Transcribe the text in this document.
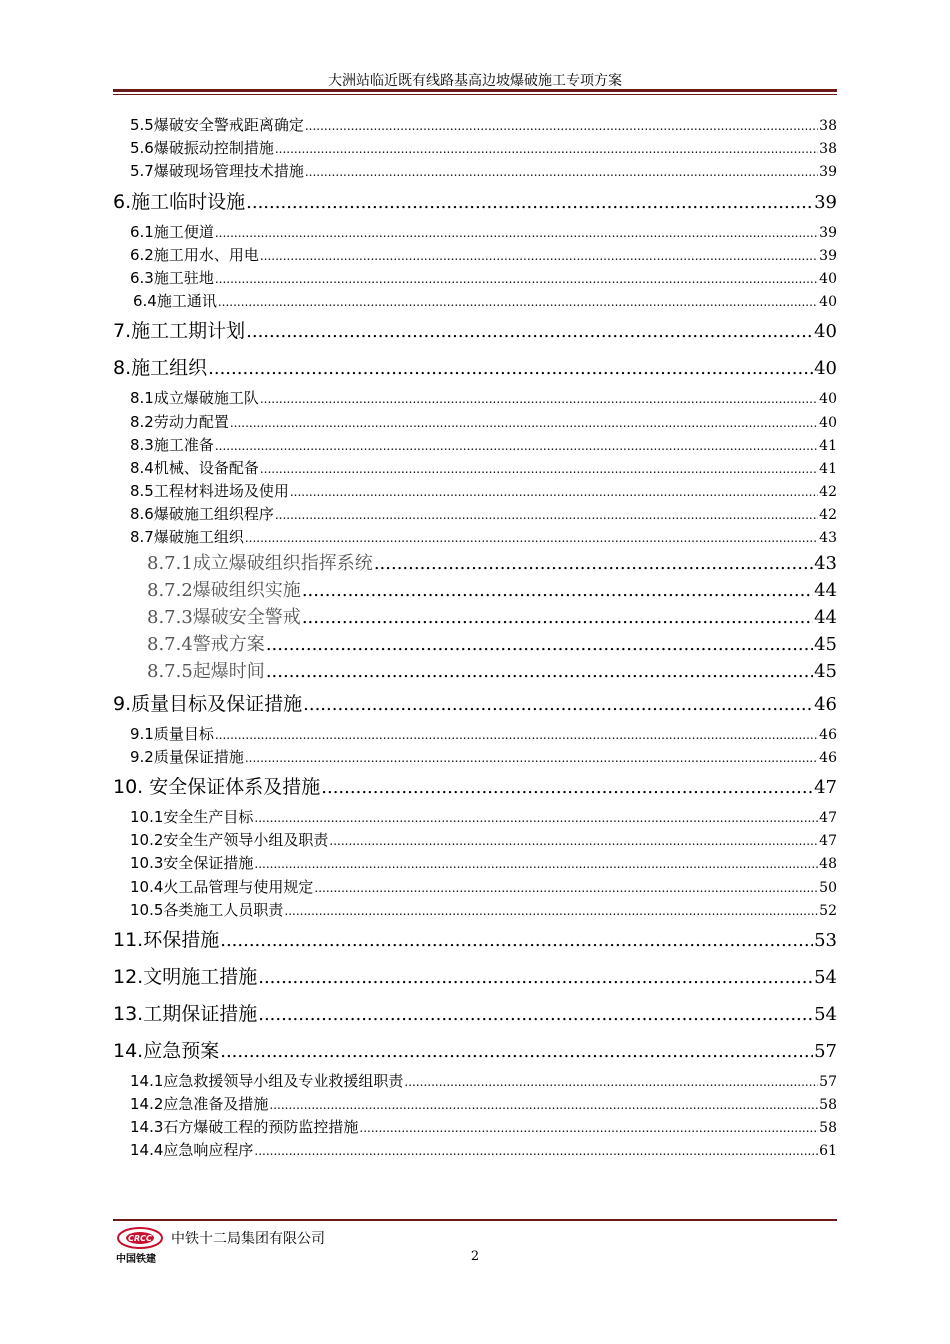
大洲站临近既有线路基高边坡爆破施工专项方案
5.5爆破安全警戒距离确定 .....	38
5.6爆破振动控制措施 .....	38
5.7爆破现场管理技术措施 .....	39
6.施工临时设施 .....	39
6.1施工便道 .....	39
6.2施工用水、用电 .....	39
6.3施工驻地 .....	40
6.4施工通讯 .....	40
7.施工工期计划 .....	40
8.施工组织 .....	40
8.1成立爆破施工队 .....	40
8.2劳动力配置 .....	40
8.3施工准备 .....	41
8.4机械、设备配备 .....	41
8.5工程材料进场及使用 .....	42
8.6爆破施工组织程序 .....	42
8.7爆破施工组织 .....	43
8.7.1成立爆破组织指挥系统 .....	43
8.7.2爆破组织实施 .....	44
8.7.3爆破安全警戒 .....	44
8.7.4警戒方案 .....	45
8.7.5起爆时间 .....	45
9.质量目标及保证措施 .....	46
9.1质量目标 .....	46
9.2质量保证措施 .....	46
10. 安全保证体系及措施 .....	47
10.1安全生产目标 .....	47
10.2安全生产领导小组及职责 .....	47
10.3安全保证措施 .....	48
10.4火工品管理与使用规定 .....	50
10.5各类施工人员职责 .....	52
11.环保措施 .....	53
12.文明施工措施 .....	54
13.工期保证措施 .....	54
14.应急预案 .....	57
14.1应急救援领导小组及专业救援组职责 .....	57
14.2应急准备及措施 .....	58
14.3石方爆破工程的预防监控措施 .....	58
14.4应急响应程序 .....	61
CRCC
中国铁建
中铁十二局集团有限公司
2
